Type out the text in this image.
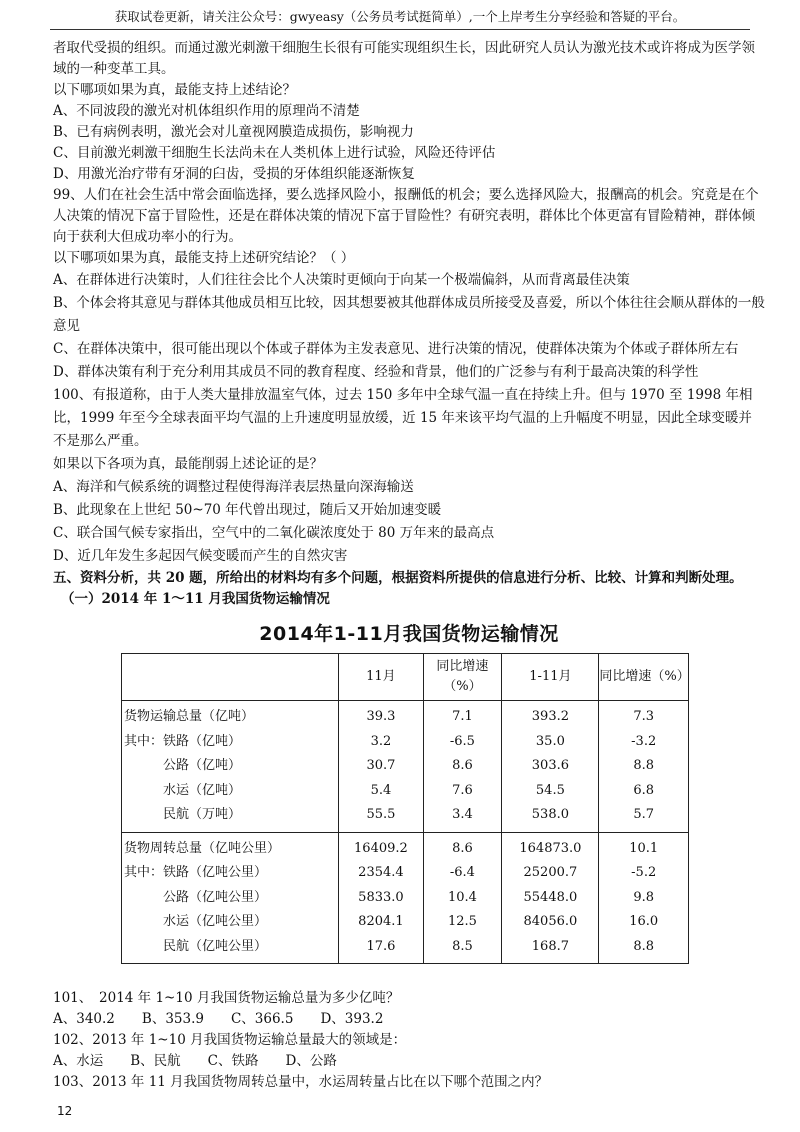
获取试卷更新，请关注公众号：gwyeasy（公务员考试挺简单）,一个上岸考生分享经验和答疑的平台。

者取代受损的组织。而通过激光刺激干细胞生长很有可能实现组织生长，因此研究人员认为激光技术或许将成为医学领域的一种变革工具。

以下哪项如果为真，最能支持上述结论？

A、不同波段的激光对机体组织作用的原理尚不清楚

B、已有病例表明，激光会对儿童视网膜造成损伤，影响视力

C、目前激光刺激干细胞生长法尚未在人类机体上进行试验，风险还待评估

D、用激光治疗带有牙洞的臼齿，受损的牙体组织能逐渐恢复

99、人们在社会生活中常会面临选择，要么选择风险小，报酬低的机会；要么选择风险大，报酬高的机会。究竟是在个人决策的情况下富于冒险性，还是在群体决策的情况下富于冒险性？有研究表明，群体比个体更富有冒险精神，群体倾向于获利大但成功率小的行为。

以下哪项如果为真，最能支持上述研究结论？（ ）

A、在群体进行决策时，人们往往会比个人决策时更倾向于向某一个极端偏斜，从而背离最佳决策

B、个体会将其意见与群体其他成员相互比较，因其想要被其他群体成员所接受及喜爱，所以个体往往会顺从群体的一般意见

C、在群体决策中，很可能出现以个体或子群体为主发表意见、进行决策的情况，使群体决策为个体或子群体所左右

D、群体决策有利于充分利用其成员不同的教育程度、经验和背景，他们的广泛参与有利于最高决策的科学性

100、有报道称，由于人类大量排放温室气体，过去 150 多年中全球气温一直在持续上升。但与 1970 至 1998 年相比，1999 年至今全球表面平均气温的上升速度明显放缓，近 15 年来该平均气温的上升幅度不明显，因此全球变暖并不是那么严重。

如果以下各项为真，最能削弱上述论证的是？

A、海洋和气候系统的调整过程使得海洋表层热量向深海输送

B、此现象在上世纪 50~70 年代曾出现过，随后又开始加速变暖

C、联合国气候专家指出，空气中的二氧化碳浓度处于 80 万年来的最高点

D、近几年发生多起因气候变暖而产生的自然灾害

五、资料分析，共 20 题，所给出的材料均有多个问题，根据资料所提供的信息进行分析、比较、计算和判断处理。

（一）2014 年 1～11 月我国货物运输情况

2014年1-11月我国货物运输情况
	11月	同比增速（%）	1-11月	同比增速（%）
货物运输总量（亿吨）	39.3	7.1	393.2	7.3
其中：铁路（亿吨）	3.2	-6.5	35.0	-3.2
　　　公路（亿吨）	30.7	8.6	303.6	8.8
　　　水运（亿吨）	5.4	7.6	54.5	6.8
　　　民航（万吨）	55.5	3.4	538.0	5.7
货物周转总量（亿吨公里）	16409.2	8.6	164873.0	10.1
其中：铁路（亿吨公里）	2354.4	-6.4	25200.7	-5.2
　　　公路（亿吨公里）	5833.0	10.4	55448.0	9.8
　　　水运（亿吨公里）	8204.1	12.5	84056.0	16.0
　　　民航（亿吨公里）	17.6	8.5	168.7	8.8

101、　2014 年 1~10 月我国货物运输总量为多少亿吨？

A、340.2　　B、353.9　　C、366.5　　D、393.2

102、2013 年 1~10 月我国货物运输总量最大的领域是：

A、水运　　B、民航　　C、铁路　　D、公路

103、2013 年 11 月我国货物周转总量中，水运周转量占比在以下哪个范围之内？

12
